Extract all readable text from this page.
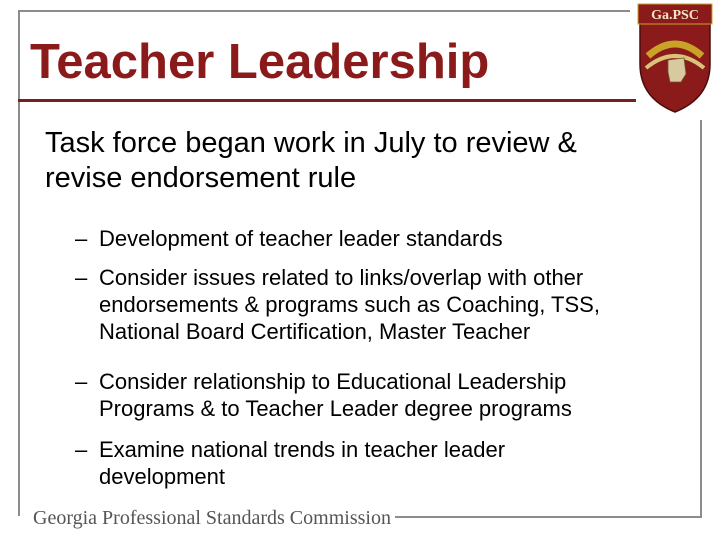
Teacher Leadership
Ga.PSC
Task force began work in July to review &
revise endorsement rule
– Development of teacher leader standards
– Consider issues related to links/overlap with other
endorsements & programs such as Coaching, TSS,
National Board Certification, Master Teacher
– Consider relationship to Educational Leadership
Programs & to Teacher Leader degree programs
– Examine national trends in teacher leader
development
Georgia Professional Standards Commission
